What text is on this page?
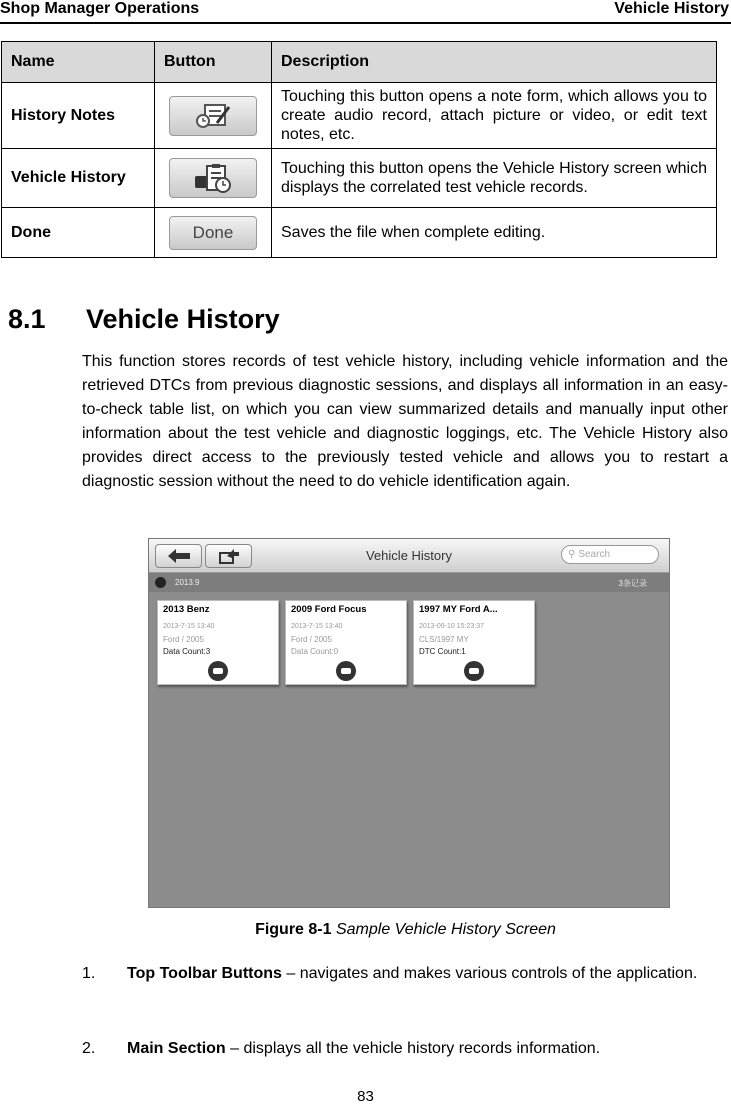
Shop Manager Operations	Vehicle History
Name	Button	Description
History Notes		Touching this button opens a note form, which allows you to create audio record, attach picture or video, or edit text notes, etc.
Vehicle History		Touching this button opens the Vehicle History screen which displays the correlated test vehicle records.
Done	Done	Saves the file when complete editing.
8.1 Vehicle History
This function stores records of test vehicle history, including vehicle information and the retrieved DTCs from previous diagnostic sessions, and displays all information in an easy-to-check table list, on which you can view summarized details and manually input other information about the test vehicle and diagnostic loggings, etc. The Vehicle History also provides direct access to the previously tested vehicle and allows you to restart a diagnostic session without the need to do vehicle identification again.
Vehicle History	⚲ Search
2013.9	3条记录
2013 Benz
2013-7-15 13:40
Ford / 2005
Data Count:3
2009 Ford Focus
2013-7-15 13:40
Ford / 2005
Data Count:0
1997 MY Ford A...
2013-09-10 15:23:37
CLS/1997 MY
DTC Count:1
Figure 8-1 Sample Vehicle History Screen
1. Top Toolbar Buttons – navigates and makes various controls of the application.
2. Main Section – displays all the vehicle history records information.
83
